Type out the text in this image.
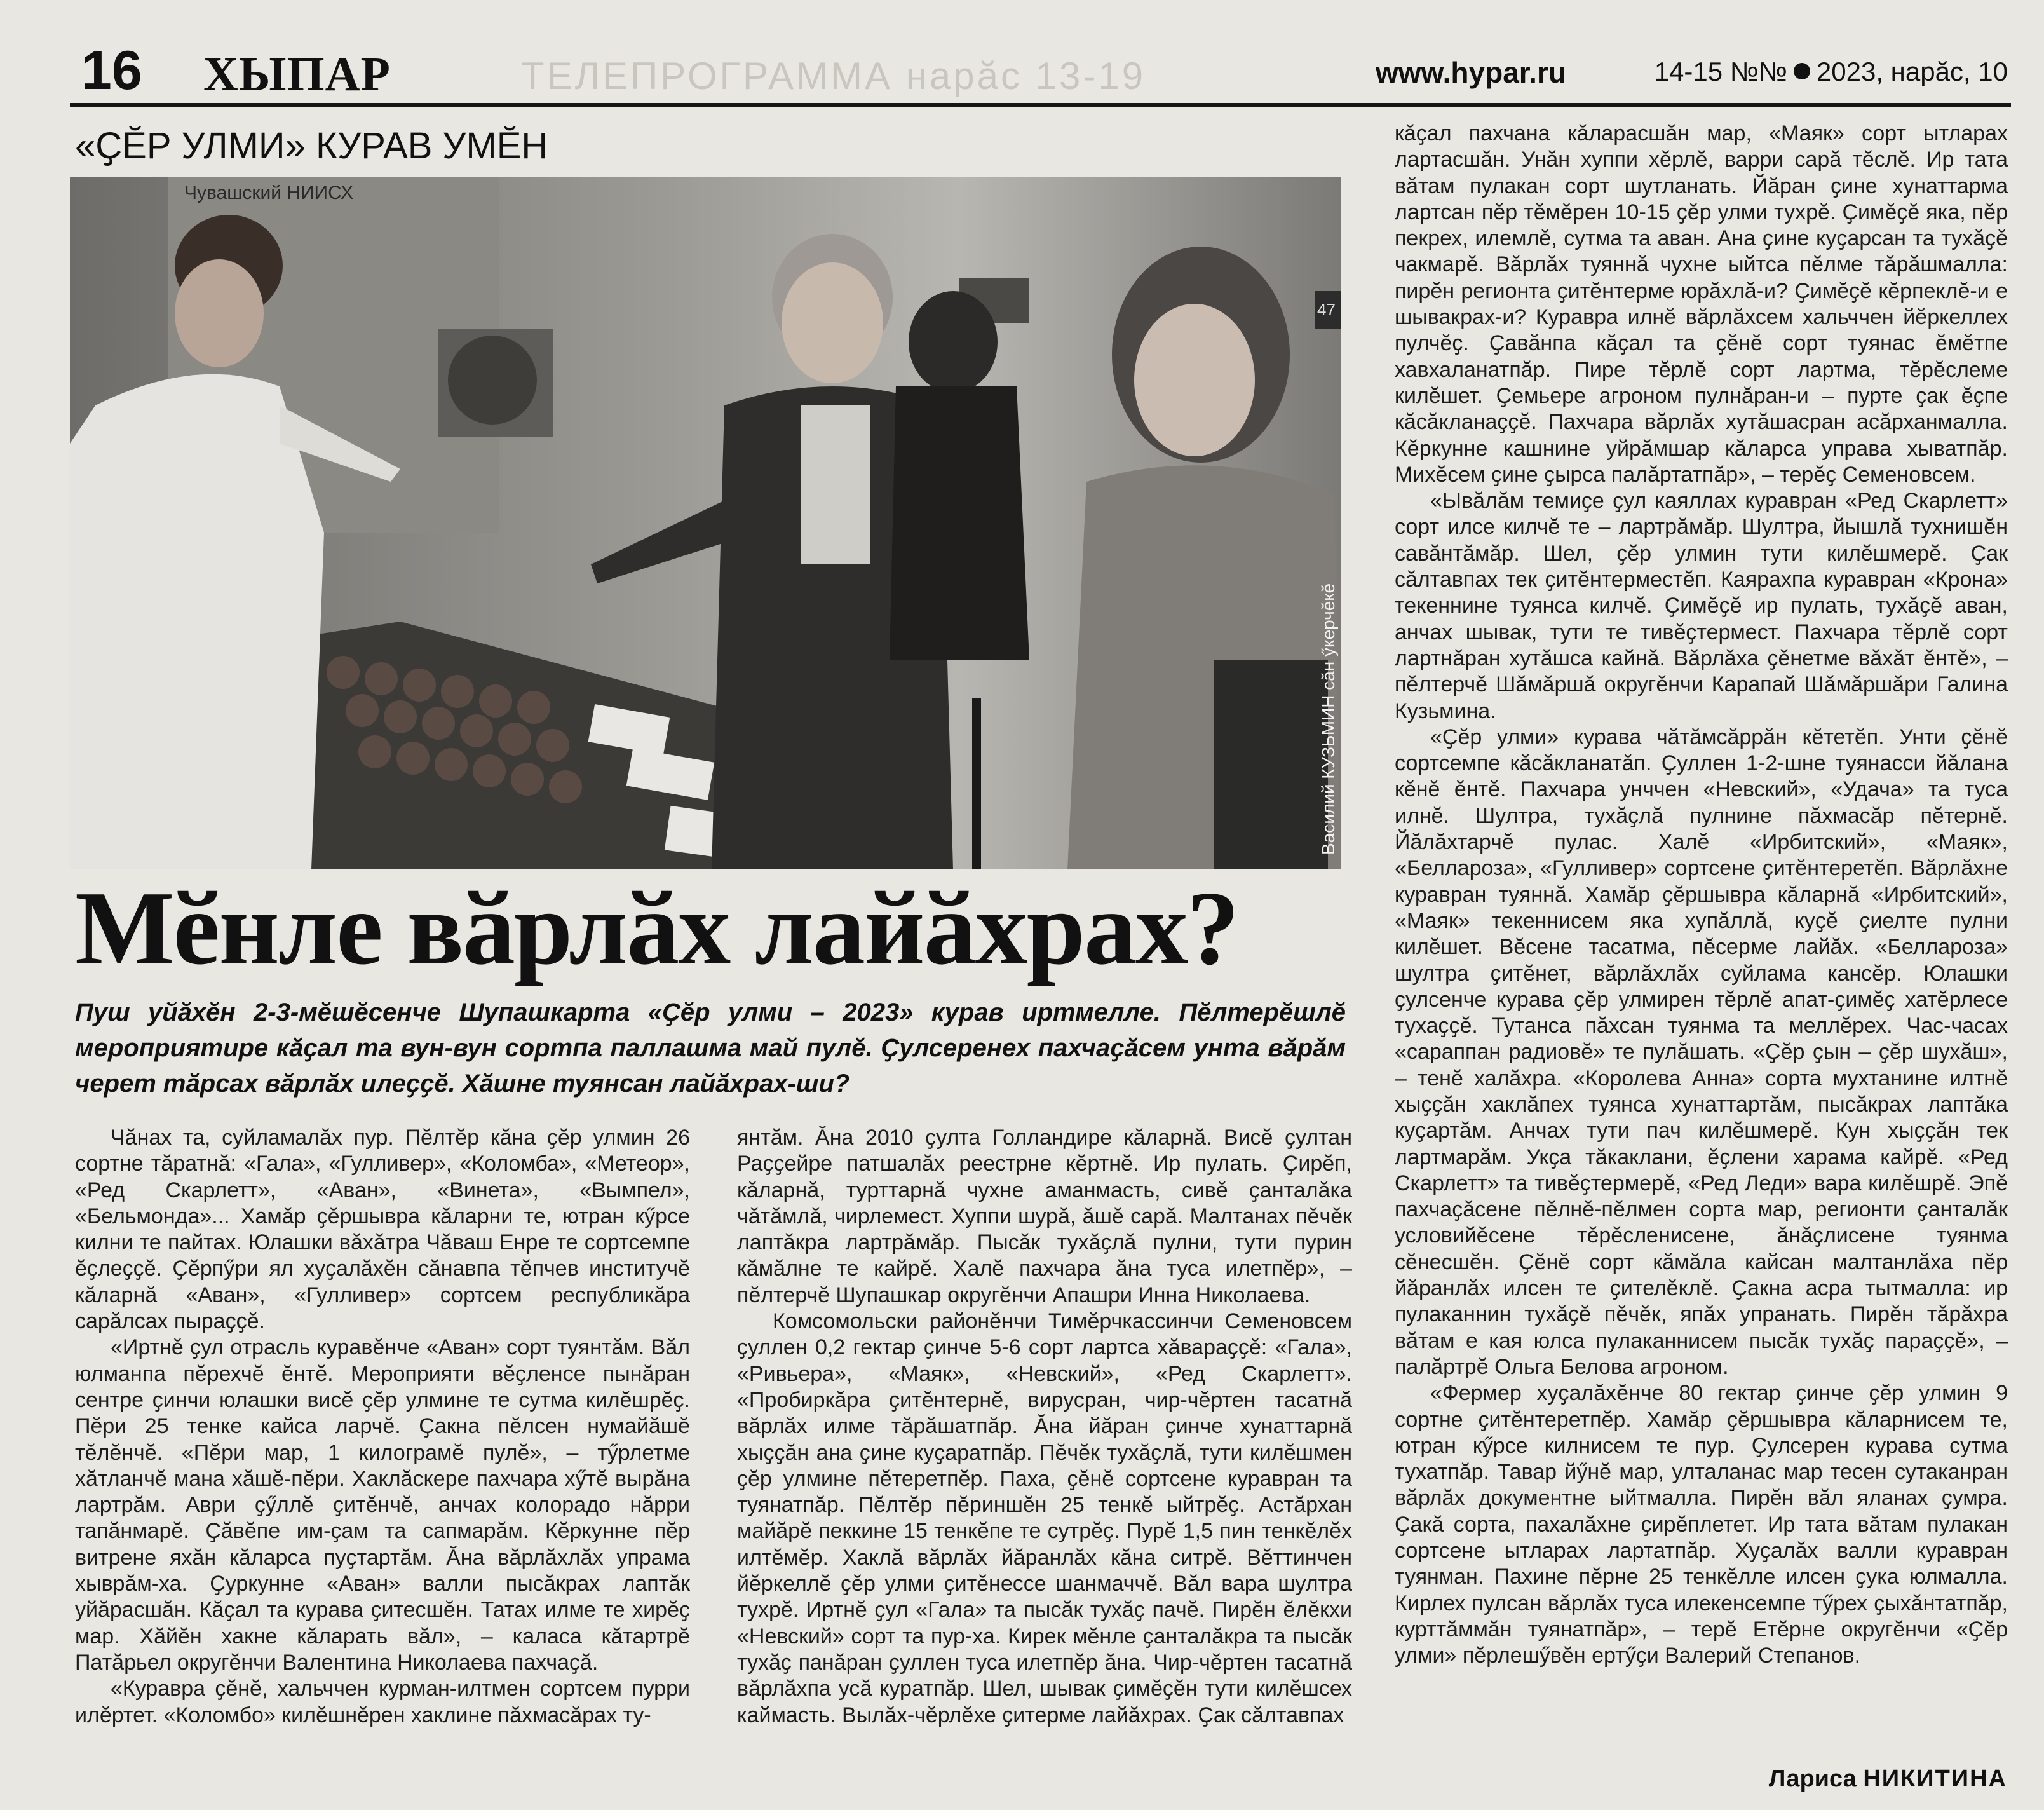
ТЕЛЕПРОГРАММА нарӑс 13-19
16 ХЫПАР	www.hypar.ru	14-15 №№ 2023, нарӑс, 10
«ҪӖР УЛМИ» КУРАВ УМӖН
Чувашский НИИСХ
47
Василий КУЗЬМИН сӑн ӳкерчӗкӗ
Мӗнле вӑрлӑх лайӑхрах?
Пуш уйӑхӗн 2-3-мӗшӗсенче Шупашкарта «Ҫӗр улми – 2023» курав иртмелле. Пӗлтерӗшлӗ мероприятире кӑҫал та вун-вун сортпа паллашма май пулӗ. Ҫулсеренех пахчаҫӑсем унта вӑрӑм черет тӑрсах вӑрлӑх илеҫҫӗ. Хӑшне туянсан лайӑхрах-ши?

Чӑнах та, суйламалӑх пур. Пӗлтӗр кӑна ҫӗр улмин 26 сортне тӑратнӑ: «Гала», «Гулливер», «Коломба», «Метеор», «Ред Скарлетт», «Аван», «Винета», «Вымпел», «Бельмонда»... Хамӑр ҫӗршывра кӑларни те, ютран кӳрсе килни те пайтах. Юлашки вӑхӑтра Чӑваш Енре те сортсемпе ӗҫлеҫҫӗ. Ҫӗрпӳри ял хуҫалӑхӗн сӑнавпа тӗпчев институчӗ кӑларнӑ «Аван», «Гулливер» сортсем республикӑра сарӑлсах пыраҫҫӗ.

«Иртнӗ ҫул отрасль куравӗнче «Аван» сорт туянтӑм. Вӑл юлманпа пӗрехчӗ ӗнтӗ. Мероприяти вӗҫленсе пынӑран сентре ҫинчи юлашки висӗ ҫӗр улмине те сутма килӗшрӗҫ. Пӗри 25 тенке кайса ларчӗ. Ҫакна пӗлсен нумайӑшӗ тӗлӗнчӗ. «Пӗри мар, 1 килограмӗ пулӗ», – тӳрлетме хӑтланчӗ мана хӑшӗ-пӗри. Хаклӑскере пахчара хӳтӗ вырӑна лартрӑм. Аври ҫӳллӗ ҫитӗнчӗ, анчах колорадо нӑрри тапӑнмарӗ. Ҫӑвӗпе им-ҫам та сапмарӑм. Кӗркунне пӗр витрене яхӑн кӑларса пуҫтартӑм. Ӑна вӑрлӑхлӑх упрама хыврӑм-ха. Ҫуркунне «Аван» валли пысӑкрах лаптӑк уйӑрасшӑн. Кӑҫал та курава ҫитесшӗн. Татах илме те хирӗҫ мар. Хӑйӗн хакне кӑларать вӑл», – каласа кӑтартрӗ Патӑрьел округӗнчи Валентина Николаева пахчаҫӑ.

«Куравра ҫӗнӗ, хальччен курман-илтмен сортсем пурри илӗртет. «Коломбо» килӗшнӗрен хаклине пӑхмасӑрах ту-

янтӑм. Ӑна 2010 ҫулта Голландире кӑларнӑ. Висӗ ҫултан Раҫҫейре патшалӑх реестрне кӗртнӗ. Ир пулать. Ҫирӗп, кӑларнӑ, турттарнӑ чухне аманмасть, сивӗ ҫанталӑка чӑтӑмлӑ, чирлемест. Хуппи шурӑ, ӑшӗ сарӑ. Малтанах пӗчӗк лаптӑкра лартрӑмӑр. Пысӑк тухӑҫлӑ пулни, тути пурин кӑмӑлне те кайрӗ. Халӗ пахчара ӑна туса илетпӗр», – пӗлтерчӗ Шупашкар округӗнчи Апашри Инна Николаева.

Комсомольски районӗнчи Тимӗрчкассинчи Семеновсем ҫуллен 0,2 гектар ҫинче 5-6 сорт лартса хӑвараҫҫӗ: «Гала», «Ривьера», «Маяк», «Невский», «Ред Скарлетт». «Пробиркӑра ҫитӗнтернӗ, вирусран, чир-чӗртен тасатнӑ вӑрлӑх илме тӑрӑшатпӑр. Ӑна йӑран ҫинче хунаттарнӑ хыҫҫӑн ана ҫине куҫаратпӑр. Пӗчӗк тухӑҫлӑ, тути килӗшмен ҫӗр улмине пӗтеретпӗр. Паха, ҫӗнӗ сортсене куравран та туянатпӑр. Пӗлтӗр пӗриншӗн 25 тенкӗ ыйтрӗҫ. Астӑрхан майӑрӗ пеккине 15 тенкӗпе те сутрӗҫ. Пурӗ 1,5 пин тенкӗлӗх илтӗмӗр. Хаклӑ вӑрлӑх йӑранлӑх кӑна ситрӗ. Вӗттинчен йӗркеллӗ ҫӗр улми ҫитӗнессе шанмаччӗ. Вӑл вара шултра тухрӗ. Иртнӗ ҫул «Гала» та пысӑк тухӑҫ пачӗ. Пирӗн ӗлӗкхи «Невский» сорт та пур-ха. Кирек мӗнле ҫанталӑкра та пысӑк тухӑҫ панӑран ҫуллен туса илетпӗр ӑна. Чир-чӗртен тасатнӑ вӑрлӑхпа усӑ куратпӑр. Шел, шывак ҫимӗҫӗн тути килӗшсех каймасть. Вылӑх-чӗрлӗхе ҫитерме лайӑхрах. Ҫак сӑлтавпах

кӑҫал пахчана кӑларасшӑн мар, «Маяк» сорт ытларах лартасшӑн. Унӑн хуппи хӗрлӗ, варри сарӑ тӗслӗ. Ир тата вӑтам пулакан сорт шутланать. Йӑран ҫине хунаттарма лартсан пӗр тӗмӗрен 10-15 ҫӗр улми тухрӗ. Ҫимӗҫӗ яка, пӗр пекрех, илемлӗ, сутма та аван. Ана ҫине куҫарсан та тухӑҫӗ чакмарӗ. Вӑрлӑх туяннӑ чухне ыйтса пӗлме тӑрӑшмалла: пирӗн регионта ҫитӗнтерме юрӑхлӑ-и? Ҫимӗҫӗ кӗрпеклӗ-и е шывакрах-и? Куравра илнӗ вӑрлӑхсем хальччен йӗркеллех пулчӗҫ. Ҫавӑнпа кӑҫал та ҫӗнӗ сорт туянас ӗмӗтпе хавхаланатпӑр. Пире тӗрлӗ сорт лартма, тӗрӗслеме килӗшет. Ҫемьере агроном пулнӑран-и – пурте ҫак ӗҫпе кӑсӑкланаҫҫӗ. Пахчара вӑрлӑх хутӑшасран асӑрханмалла. Кӗркунне кашнине уйрӑмшар кӑларса управа хыватпӑр. Михӗсем ҫине ҫырса палӑртатпӑр», – терӗҫ Семеновсем.

«Ывӑлӑм темиҫе ҫул каяллах куравран «Ред Скарлетт» сорт илсе килчӗ те – лартрӑмӑр. Шултра, йышлӑ тухнишӗн савӑнтӑмӑр. Шел, ҫӗр улмин тути килӗшмерӗ. Ҫак сӑлтавпах тек ҫитӗнтерместӗп. Каярахпа куравран «Крона» текеннине туянса килчӗ. Ҫимӗҫӗ ир пулать, тухӑҫӗ аван, анчах шывак, тути те тивӗҫтермест. Пахчара тӗрлӗ сорт лартнӑран хутӑшса кайнӑ. Вӑрлӑха ҫӗнетме вӑхӑт ӗнтӗ», – пӗлтерчӗ Шӑмӑршӑ округӗнчи Карапай Шӑмӑршӑри Галина Кузьмина.

«Ҫӗр улми» курава чӑтӑмсӑррӑн кӗтетӗп. Унти ҫӗнӗ сортсемпе кӑсӑкланатӑп. Ҫуллен 1-2-шне туянасси йӑлана кӗнӗ ӗнтӗ. Пахчара унччен «Невский», «Удача» та туса илнӗ. Шултра, тухӑҫлӑ пулнине пӑхмасӑр пӗтернӗ. Йӑлӑхтарчӗ пулас. Халӗ «Ирбитский», «Маяк», «Беллароза», «Гулливер» сортсене ҫитӗнтеретӗп. Вӑрлӑхне куравран туяннӑ. Хамӑр ҫӗршывра кӑларнӑ «Ирбитский», «Маяк» текеннисем яка хупӑллӑ, куҫӗ ҫиелте пулни килӗшет. Вӗсене тасатма, пӗсерме лайӑх. «Беллароза» шултра ҫитӗнет, вӑрлӑхлӑх суйлама кансӗр. Юлашки ҫулсенче курава ҫӗр улмирен тӗрлӗ апат-ҫимӗҫ хатӗрлесе тухаҫҫӗ. Тутанса пӑхсан туянма та меллӗрех. Час-часах «сараппан радиовӗ» те пулӑшать. «Ҫӗр ҫын – ҫӗр шухӑш», – тенӗ халӑхра. «Королева Анна» сорта мухтанине илтнӗ хыҫҫӑн хаклӑпех туянса хунаттартӑм, пысӑкрах лаптӑка куҫартӑм. Анчах тути пач килӗшмерӗ. Кун хыҫҫӑн тек лартмарӑм. Укҫа тӑкаклани, ӗҫлени харама кайрӗ. «Ред Скарлетт» та тивӗҫтермерӗ, «Ред Леди» вара килӗшрӗ. Эпӗ пахчаҫӑсене пӗлнӗ-пӗлмен сорта мар, регионти ҫанталӑк условийӗсене тӗрӗсленисене, ӑнӑҫлисене туянма сӗнесшӗн. Ҫӗнӗ сорт кӑмӑла кайсан малтанлӑха пӗр йӑранлӑх илсен те ҫителӗклӗ. Ҫакна асра тытмалла: ир пулаканнин тухӑҫӗ пӗчӗк, япӑх упранать. Пирӗн тӑрӑхра вӑтам е кая юлса пулаканнисем пысӑк тухӑҫ параҫҫӗ», – палӑртрӗ Ольга Белова агроном.

«Фермер хуҫалӑхӗнче 80 гектар ҫинче ҫӗр улмин 9 сортне ҫитӗнтеретпӗр. Хамӑр ҫӗршывра кӑларнисем те, ютран кӳрсе килнисем те пур. Ҫулсерен курава сутма тухатпӑр. Тавар йӳнӗ мар, улталанас мар тесен сутаканран вӑрлӑх документне ыйтмалла. Пирӗн вӑл яланах ҫумра. Ҫакӑ сорта, пахалӑхне ҫирӗплетет. Ир тата вӑтам пулакан сортсене ытларах лартатпӑр. Хуҫалӑх валли куравран туянман. Пахине пӗрне 25 тенкӗлле илсен ҫука юлмалла. Кирлех пулсан вӑрлӑх туса илекенсемпе тӳрех ҫыхӑнтатпӑр, курттӑммӑн туянатпӑр», – терӗ Етӗрне округӗнчи «Ҫӗр улми» пӗрлешӳвӗн ертӳҫи Валерий Степанов.

Лариса НИКИТИНА
